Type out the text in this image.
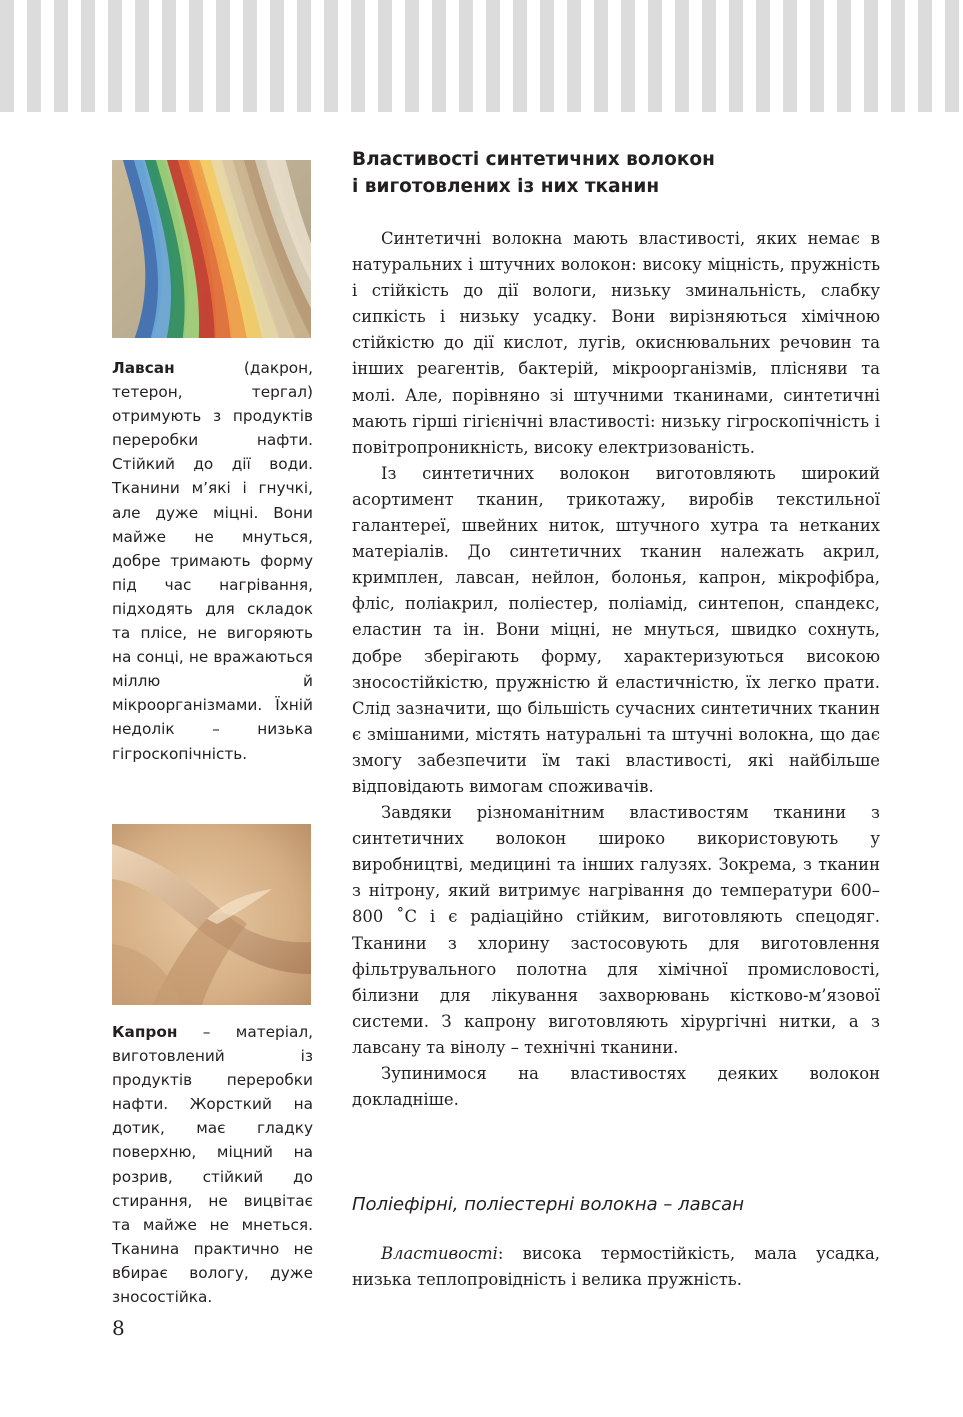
Лавсан (дакрон, тетерон, тергал) отримують з продуктів переробки нафти. Стійкий до дії води. Тканини м’які і гнучкі, але дуже міцні. Вони майже не мнуться, добре тримають форму під час нагрівання, підходять для складок та плісе, не вигоряють на сонці, не вражаються міллю й мікроорганізмами. Їхній недолік – низька гігроскопічність.
Капрон – матеріал, виготовлений із продуктів переробки нафти. Жорсткий на дотик, має гладку поверхню, міцний на розрив, стійкий до стирання, не вицвітає та майже не мнеться. Тканина практично не вбирає вологу, дуже зносостійка.
Властивості синтетичних волокон
і виготовлених із них тканин

Синтетичні волокна мають властивості, яких немає в натуральних і штучних волокон: високу міцність, пружність і стійкість до дії вологи, низьку зминальність, слабку сипкість і низьку усадку. Вони вирізняються хімічною стійкістю до дії кислот, лугів, окиснювальних речовин та інших реагентів, бактерій, мікроорганізмів, плісняви та молі. Але, порівняно зі штучними тканинами, синтетичні мають гірші гігієнічні властивості: низьку гігроскопічність і повітропроникність, високу електризованість.

Із синтетичних волокон виготовляють широкий асортимент тканин, трикотажу, виробів текстильної галантереї, швейних ниток, штучного хутра та нетканих матеріалів. До синтетичних тканин належать акрил, кримплен, лавсан, нейлон, болонья, капрон, мікрофібра, фліс, поліакрил, поліестер, поліамід, синтепон, спандекс, еластин та ін. Вони міцні, не мнуться, швидко сохнуть, добре зберігають форму, характеризуються високою зносостійкістю, пружністю й еластичністю, їх легко прати. Слід зазначити, що більшість сучасних синтетичних тканин є змішаними, містять натуральні та штучні волокна, що дає змогу забезпечити їм такі властивості, які найбільше відповідають вимогам споживачів.

Завдяки різноманітним властивостям тканини з синтетичних волокон широко використовують у виробництві, медицині та інших галузях. Зокрема, з тканин з нітрону, який витримує нагрівання до температури 600–800 ˚С і є радіаційно стійким, виготовляють спецодяг. Тканини з хлорину застосовують для виготовлення фільтрувального полотна для хімічної промисловості, білизни для лікування захворювань кістково-м’язової системи. З капрону виготовляють хірургічні нитки, а з лавсану та вінолу – технічні тканини.

Зупинимося на властивостях деяких волокон докладніше.

Поліефірні, поліестерні волокна – лавсан

Властивості: висока термостійкість, мала усадка, низька теплопровідність і велика пружність.

8
